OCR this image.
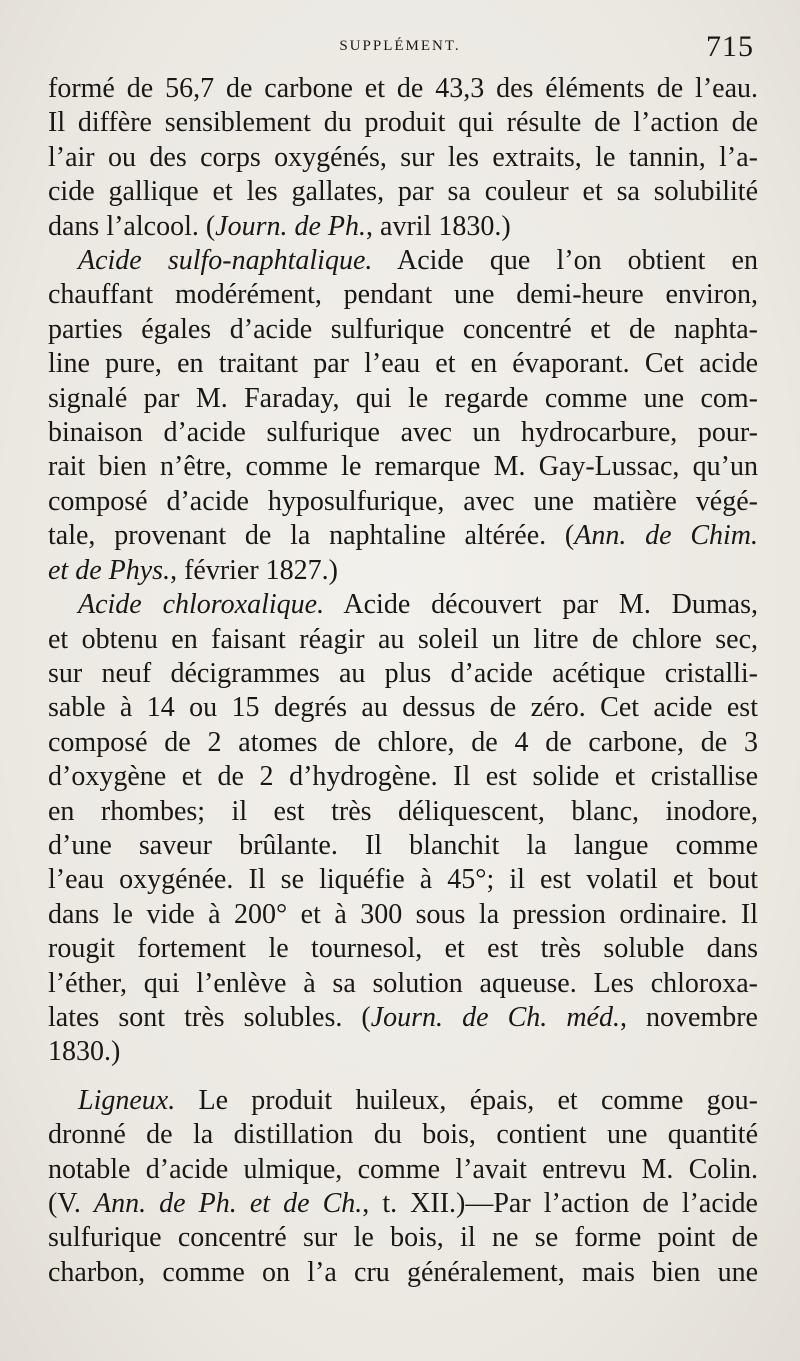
SUPPLÉMENT.	715
formé de 56,7 de carbone et de 43,3 des éléments de l’eau.
Il diffère sensiblement du produit qui résulte de l’action de
l’air ou des corps oxygénés, sur les extraits, le tannin, l’a-
cide gallique et les gallates, par sa couleur et sa solubilité
dans l’alcool. (Journ. de Ph., avril 1830.)
Acide sulfo-naphtalique. Acide que l’on obtient en
chauffant modérément, pendant une demi-heure environ,
parties égales d’acide sulfurique concentré et de naphta-
line pure, en traitant par l’eau et en évaporant. Cet acide
signalé par M. Faraday, qui le regarde comme une com-
binaison d’acide sulfurique avec un hydrocarbure, pour-
rait bien n’être, comme le remarque M. Gay-Lussac, qu’un
composé d’acide hyposulfurique, avec une matière végé-
tale, provenant de la naphtaline altérée. (Ann. de Chim.
et de Phys., février 1827.)
Acide chloroxalique. Acide découvert par M. Dumas,
et obtenu en faisant réagir au soleil un litre de chlore sec,
sur neuf décigrammes au plus d’acide acétique cristalli-
sable à 14 ou 15 degrés au dessus de zéro. Cet acide est
composé de 2 atomes de chlore, de 4 de carbone, de 3
d’oxygène et de 2 d’hydrogène. Il est solide et cristallise
en rhombes; il est très déliquescent, blanc, inodore,
d’une saveur brûlante. Il blanchit la langue comme
l’eau oxygénée. Il se liquéfie à 45°; il est volatil et bout
dans le vide à 200° et à 300 sous la pression ordinaire. Il
rougit fortement le tournesol, et est très soluble dans
l’éther, qui l’enlève à sa solution aqueuse. Les chloroxa-
lates sont très solubles. (Journ. de Ch. méd., novembre
1830.)
Ligneux. Le produit huileux, épais, et comme gou-
dronné de la distillation du bois, contient une quantité
notable d’acide ulmique, comme l’avait entrevu M. Colin.
(V. Ann. de Ph. et de Ch., t. XII.)—Par l’action de l’acide
sulfurique concentré sur le bois, il ne se forme point de
charbon, comme on l’a cru généralement, mais bien une
